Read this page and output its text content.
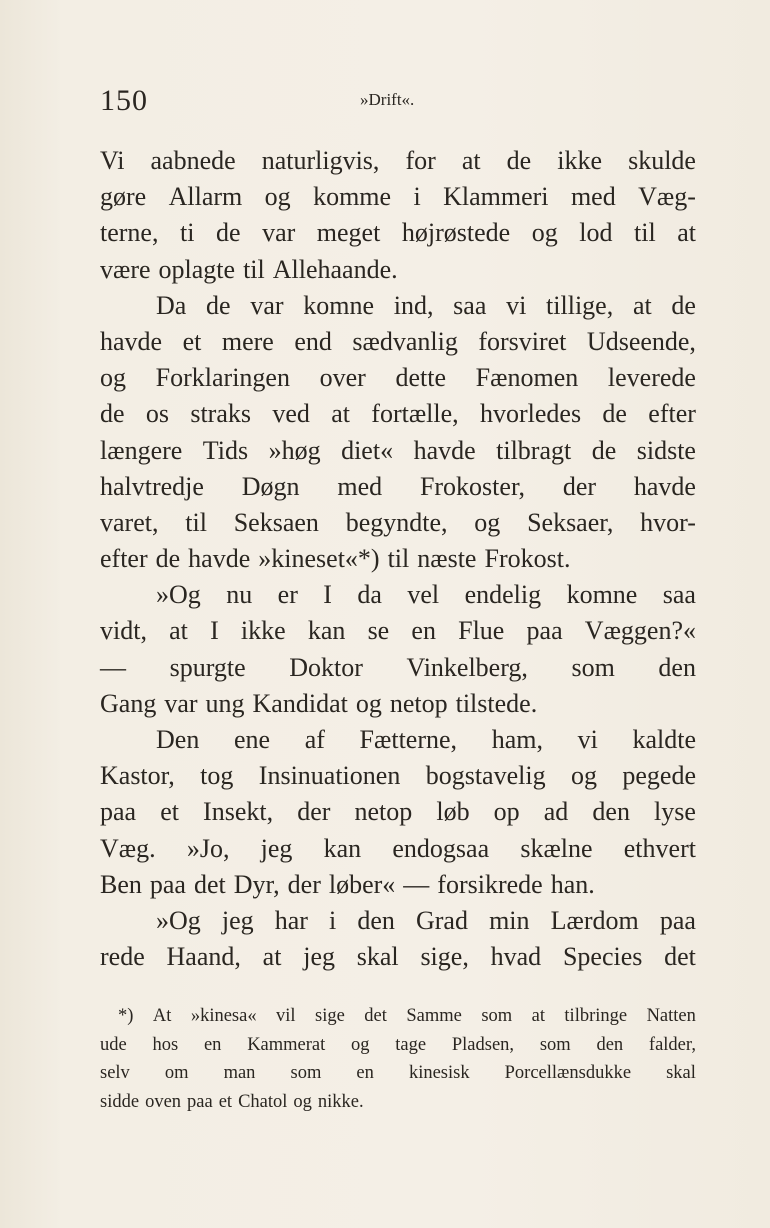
150	»Drift«.
Vi aabnede naturligvis, for at de ikke skulde
gøre Allarm og komme i Klammeri med Væg-
terne, ti de var meget højrøstede og lod til at
være oplagte til Allehaande.
Da de var komne ind, saa vi tillige, at de
havde et mere end sædvanlig forsviret Udseende,
og Forklaringen over dette Fænomen leverede
de os straks ved at fortælle, hvorledes de efter
længere Tids »høg diet« havde tilbragt de sidste
halvtredje Døgn med Frokoster, der havde
varet, til Seksaen begyndte, og Seksaer, hvor-
efter de havde »kineset«*) til næste Frokost.
»Og nu er I da vel endelig komne saa
vidt, at I ikke kan se en Flue paa Væggen?«
— spurgte Doktor Vinkelberg, som den
Gang var ung Kandidat og netop tilstede.
Den ene af Fætterne, ham, vi kaldte
Kastor, tog Insinuationen bogstavelig og pegede
paa et Insekt, der netop løb op ad den lyse
Væg. »Jo, jeg kan endogsaa skælne ethvert
Ben paa det Dyr, der løber« — forsikrede han.
»Og jeg har i den Grad min Lærdom paa
rede Haand, at jeg skal sige, hvad Species det
*) At »kinesa« vil sige det Samme som at tilbringe Natten
ude hos en Kammerat og tage Pladsen, som den falder,
selv om man som en kinesisk Porcellænsdukke skal
sidde oven paa et Chatol og nikke.
